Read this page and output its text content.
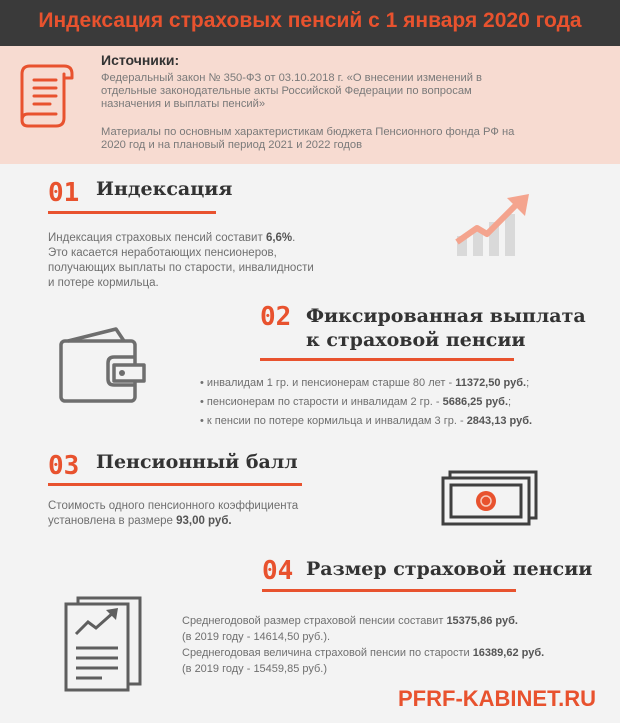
Индексация страховых пенсий с 1 января 2020 года
Источники:
Федеральный закон № 350-ФЗ от 03.10.2018 г. «О внесении изменений в
отдельные законодательные акты Российской Федерации по вопросам
назначения и выплаты пенсий»
Материалы по основным характеристикам бюджета Пенсионного фонда РФ на
2020 год и на плановый период 2021 и 2022 годов
01 Индексация
Индексация страховых пенсий составит 6,6%.
Это касается неработающих пенсионеров,
получающих выплаты по старости, инвалидности
и потере кормильца.
02 Фиксированная выплата
к страховой пенсии
• инвалидам 1 гр. и пенсионерам старше 80 лет - 11372,50 руб.;
• пенсионерам по старости и инвалидам 2 гр. - 5686,25 руб.;
• к пенсии по потере кормильца и инвалидам 3 гр. - 2843,13 руб.
03 Пенсионный балл
Стоимость одного пенсионного коэффициента
установлена в размере 93,00 руб.
04 Размер страховой пенсии
Среднегодовой размер страховой пенсии составит 15375,86 руб.
(в 2019 году - 14614,50 руб.).
Среднегодовая величина страховой пенсии по старости 16389,62 руб.
(в 2019 году - 15459,85 руб.)
PFRF-KABINET.RU
